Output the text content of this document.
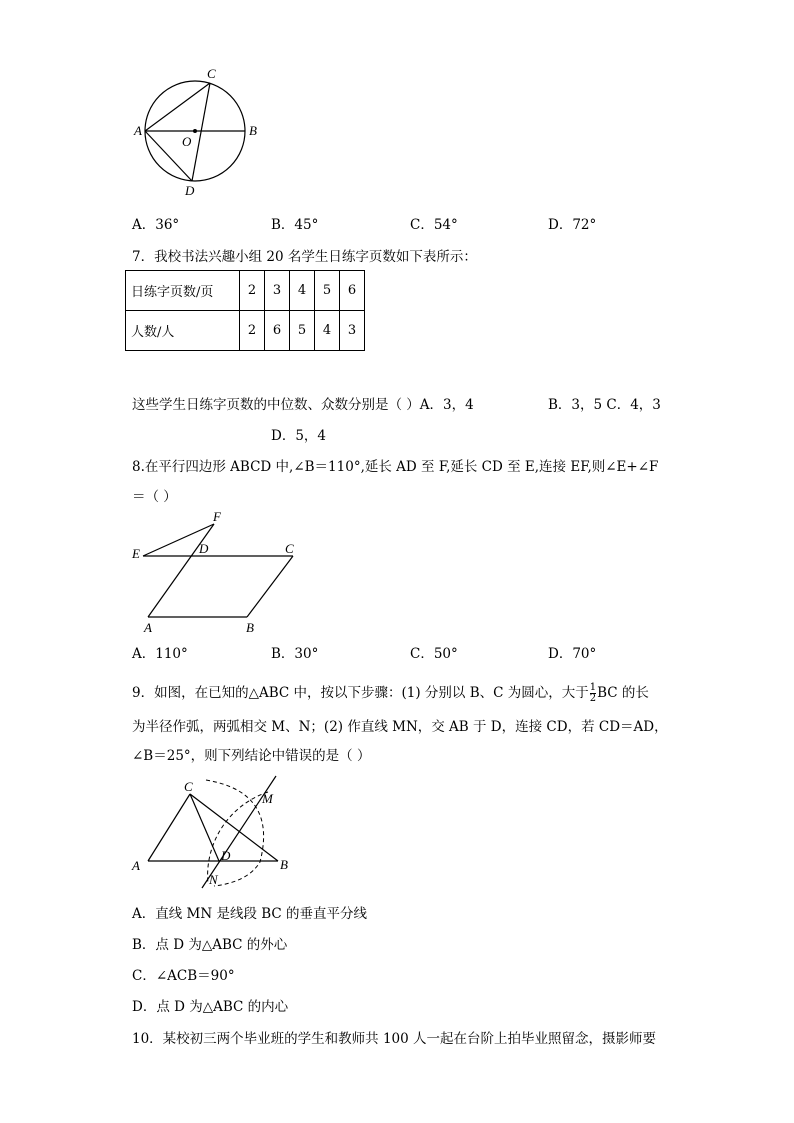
A	B
C
D
O
A．36°	B．45°	C．54°	D．72°
7．我校书法兴趣小组 20 名学生日练字页数如下表所示：
日练字页数/页	2	3	4	5	6
人数/人	2	6	5	4	3
这些学生日练字页数的中位数、众数分别是（ ）A．3，4	B．3，5 C．4，3
D．5，4
8.在平行四边形 ABCD 中,∠B＝110°,延长 AD 至 F,延长 CD 至 E,连接 EF,则∠E+∠F
＝（ ）
A	B
C
D
E
F
A．110°	B．30°	C．50°	D．70°
9．如图，在已知的△ABC 中，按以下步骤：(1) 分别以 B、C 为圆心，大于 $\frac{1}{2}$ BC 的长
为半径作弧，两弧相交 M、N；(2) 作直线 MN，交 AB 于 D，连接 CD，若 CD＝AD，
∠B＝25°，则下列结论中错误的是（ ）
A	B
C
D
M
N
A．直线 MN 是线段 BC 的垂直平分线
B．点 D 为△ABC 的外心
C．∠ACB＝90°
D．点 D 为△ABC 的内心
10．某校初三两个毕业班的学生和教师共 100 人一起在台阶上拍毕业照留念，摄影师要
